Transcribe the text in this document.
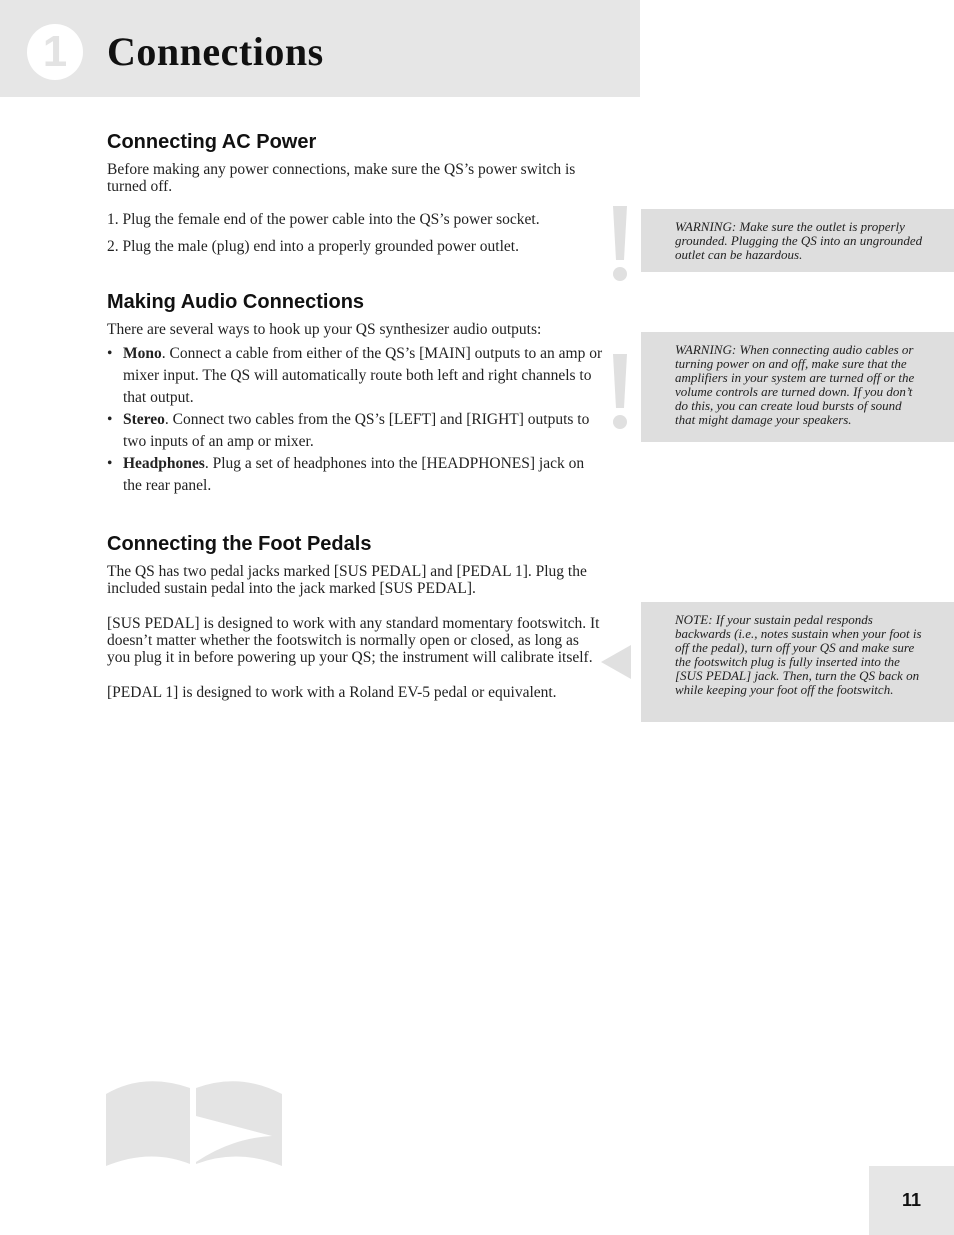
1 Connections
Connecting AC Power

Before making any power connections, make sure the QS’s power switch is turned off.

1. Plug the female end of the power cable into the QS’s power socket.
2. Plug the male (plug) end into a properly grounded power outlet.
Making Audio Connections

There are several ways to hook up your QS synthesizer audio outputs:

• Mono. Connect a cable from either of the QS’s [MAIN] outputs to an amp or mixer input. The QS will automatically route both left and right channels to that output.
• Stereo. Connect two cables from the QS’s [LEFT] and [RIGHT] outputs to two inputs of an amp or mixer.
• Headphones. Plug a set of headphones into the [HEADPHONES] jack on the rear panel.
Connecting the Foot Pedals

The QS has two pedal jacks marked [SUS PEDAL] and [PEDAL 1]. Plug the included sustain pedal into the jack marked [SUS PEDAL].

[SUS PEDAL] is designed to work with any standard momentary footswitch. It doesn’t matter whether the footswitch is normally open or closed, as long as you plug it in before powering up your QS; the instrument will calibrate itself.

[PEDAL 1] is designed to work with a Roland EV-5 pedal or equivalent.

WARNING: Make sure the outlet is properly grounded. Plugging the QS into an ungrounded outlet can be hazardous.
WARNING: When connecting audio cables or turning power on and off, make sure that the amplifiers in your system are turned off or the volume controls are turned down. If you don’t do this, you can create loud bursts of sound that might damage your speakers.
NOTE: If your sustain pedal responds backwards (i.e., notes sustain when your foot is off the pedal), turn off your QS and make sure the footswitch plug is fully inserted into the [SUS PEDAL] jack. Then, turn the QS back on while keeping your foot off the footswitch.
11
